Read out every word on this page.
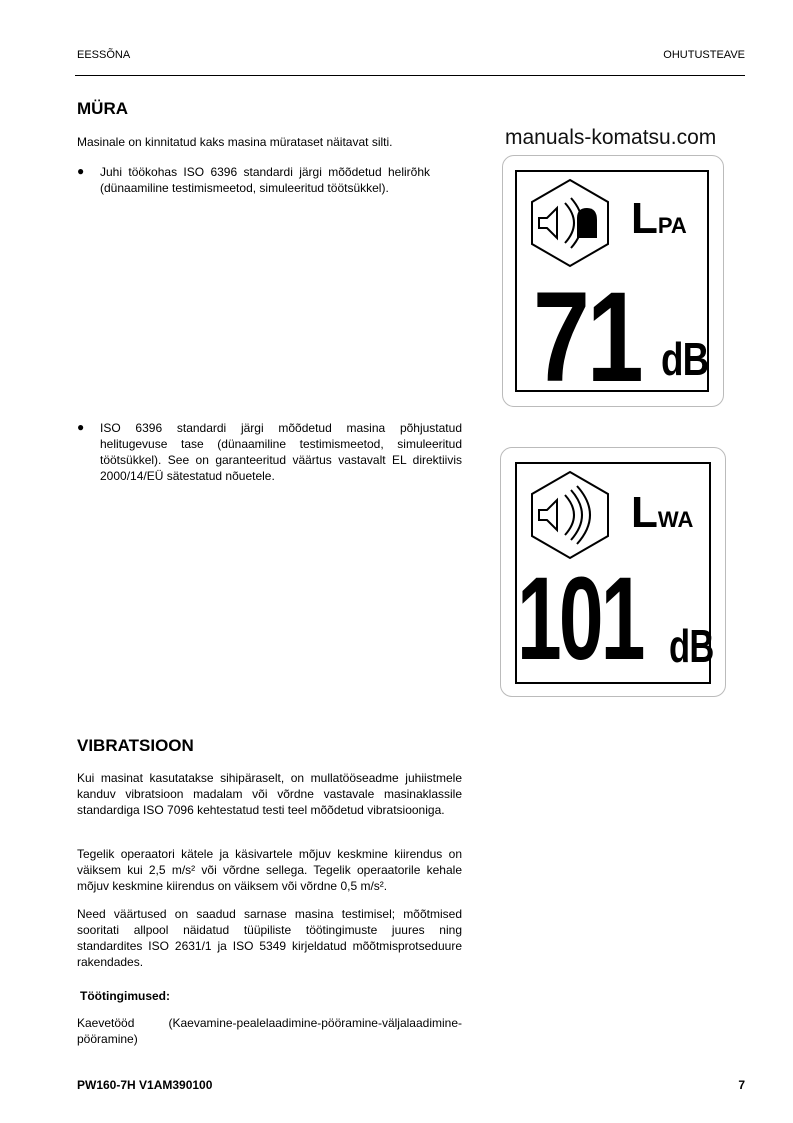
EESSÕNA	OHUTUSTEAVE
manuals-komatsu.com
MÜRA
Masinale on kinnitatud kaks masina mürataset näitavat silti.
● Juhi töökohas ISO 6396 standardi järgi mõõdetud helirõhk (dünaamiline testimismeetod, simuleeritud töötsükkel).
● ISO 6396 standardi järgi mõõdetud masina põhjustatud helitugevuse tase (dünaamiline testimismeetod, simuleeritud töötsükkel). See on garanteeritud väärtus vastavalt EL direktiivis 2000/14/EÜ sätestatud nõuetele.
LPA
71 dB
LWA
101 dB
VIBRATSIOON
Kui masinat kasutatakse sihipäraselt, on mullatööseadme juhiistmele kanduv vibratsioon madalam või võrdne vastavale masinaklassile standardiga ISO 7096 kehtestatud testi teel mõõdetud vibratsiooniga.
Tegelik operaatori kätele ja käsivartele mõjuv keskmine kiirendus on väiksem kui 2,5 m/s² või võrdne sellega. Tegelik operaatorile kehale mõjuv keskmine kiirendus on väiksem või võrdne 0,5 m/s².
Need väärtused on saadud sarnase masina testimisel; mõõtmised sooritati allpool näidatud tüüpiliste töötingimuste juures ning standardites ISO 2631/1 ja ISO 5349 kirjeldatud mõõtmisprotseduure rakendades.
Töötingimused:
Kaevetööd (Kaevamine-pealelaadimine-pööramine-väljalaadimine-pööramine)
PW160-7H V1AM390100	7
